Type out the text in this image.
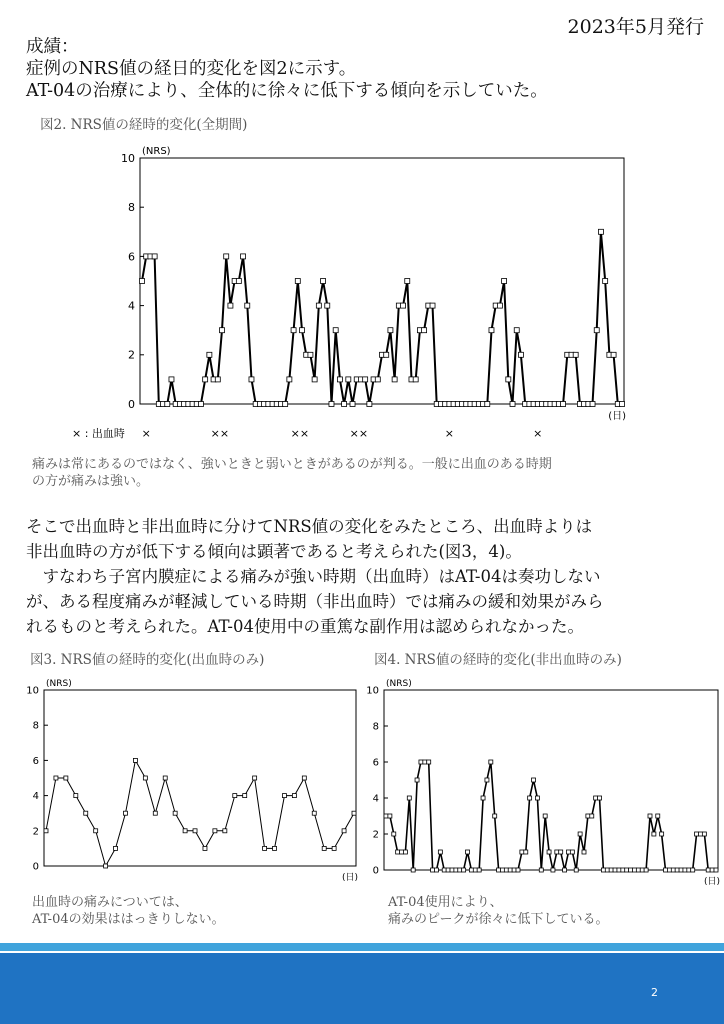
2023年5月発行
成績：
症例のNRS値の経日的変化を図2に示す。
AT-04の治療により、全体的に徐々に低下する傾向を示していた。
図2. NRS値の経時的変化(全期間)
0
2
4
6
8
10
(NRS)
(日)
× : 出血時 ×	××	××	××	×	×
痛みは常にあるのではなく、強いときと弱いときがあるのが判る。一般に出血のある時期
の方が痛みは強い。

そこで出血時と非出血時に分けてNRS値の変化をみたところ、出血時よりは

非出血時の方が低下する傾向は顕著であると考えられた(図3，4)。

すなわち子宮内膜症による痛みが強い時期（出血時）はAT-04は奏功しない

が、ある程度痛みが軽減している時期（非出血時）では痛みの緩和効果がみら

れるものと考えられた。AT-04使用中の重篤な副作用は認められなかった。

図3. NRS値の経時的変化(出血時のみ)
0
2
4
6
8
10
(NRS)
(日)
出血時の痛みについては、
AT-04の効果ははっきりしない。
図4. NRS値の経時的変化(非出血時のみ)
0
2
4
6
8
10
(NRS)
(日)
AT-04使用により、
痛みのピークが徐々に低下している。
2
